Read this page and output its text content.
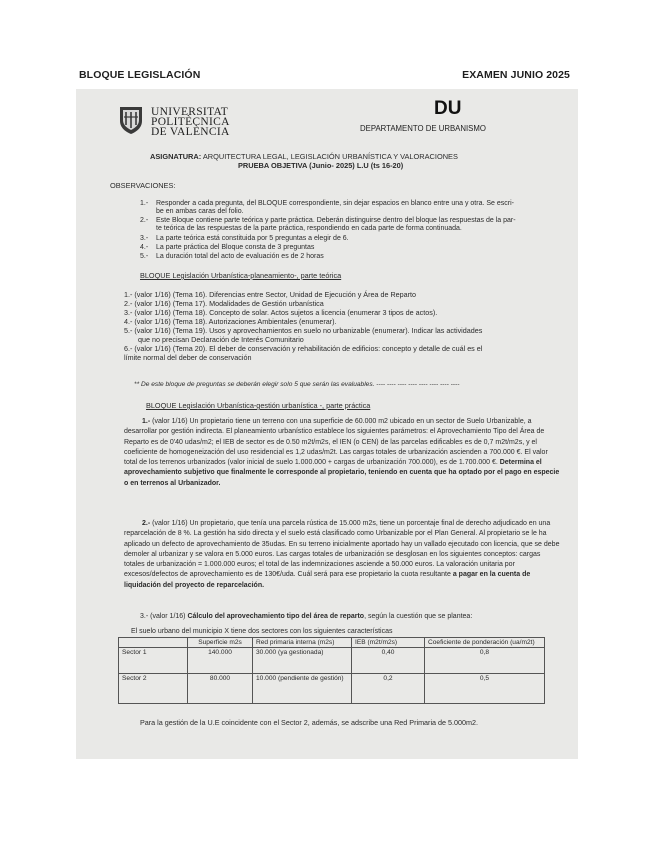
BLOQUE LEGISLACIÓN	EXAMEN JUNIO 2025
UNIVERSITAT
POLITÈCNICA
DE VALÈNCIA
DU
DEPARTAMENTO DE URBANISMO
ASIGNATURA: ARQUITECTURA LEGAL, LEGISLACIÓN URBANÍSTICA Y VALORACIONES
PRUEBA OBJETIVA (Junio- 2025) L.U (ts 16-20)
OBSERVACIONES:
1.- Responder a cada pregunta, del BLOQUE correspondiente, sin dejar espacios en blanco entre una y otra. Se escri-
be en ambas caras del folio.
2.- Este Bloque contiene parte teórica y parte práctica. Deberán distinguirse dentro del bloque las respuestas de la par-
te teórica de las respuestas de la parte práctica, respondiendo en cada parte de forma continuada.
3.- La parte teórica está constituida por 5 preguntas a elegir de 6.
4.- La parte práctica del Bloque consta de 3 preguntas
5.- La duración total del acto de evaluación es de 2 horas
BLOQUE Legislación Urbanística-planeamiento-, parte teórica
1.- (valor 1/16) (Tema 16). Diferencias entre Sector, Unidad de Ejecución y Área de Reparto
2.- (valor 1/16) (Tema 17). Modalidades de Gestión urbanística
3.- (valor 1/16) (Tema 18). Concepto de solar. Actos sujetos a licencia (enumerar 3 tipos de actos).
4.- (valor 1/16) (Tema 18). Autorizaciones Ambientales (enumerar).
5.- (valor 1/16) (Tema 19). Usos y aprovechamientos en suelo no urbanizable (enumerar). Indicar las actividades
que no precisan Declaración de Interés Comunitario
6.- (valor 1/16) (Tema 20). El deber de conservación y rehabilitación de edificios: concepto y detalle de cuál es el
límite normal del deber de conservación
** De este bloque de preguntas se deberán elegir solo 5 que serán las evaluables. ---- ---- ---- ---- ---- ---- ---- ----
BLOQUE Legislación Urbanística-gestión urbanística -, parte práctica
1.- (valor 1/16) Un propietario tiene un terreno con una superficie de 60.000 m2 ubicado en un sector de Suelo Urbanizable, a desarrollar por gestión indirecta. El planeamiento urbanístico establece los siguientes parámetros: el Aprovechamiento Tipo del Área de Reparto es de 0'40 udas/m2; el IEB de sector es de 0.50 m2t/m2s, el IEN (o CEN) de las parcelas edificables es de 0,7 m2t/m2s, y el coeficiente de homogeneización del uso residencial es 1,2 udas/m2t. Las cargas totales de urbanización ascienden a 700.000 €. El valor total de los terrenos urbanizados (valor inicial de suelo 1.000.000 + cargas de urbanización 700.000), es de 1.700.000 €. Determina el aprovechamiento subjetivo que finalmente le corresponde al propietario, teniendo en cuenta que ha optado por el pago en especie o en terrenos al Urbanizador.
2.- (valor 1/16) Un propietario, que tenía una parcela rústica de 15.000 m2s, tiene un porcentaje final de derecho adjudicado en una reparcelación de 8 %. La gestión ha sido directa y el suelo está clasificado como Urbanizable por el Plan General. Al propietario se le ha aplicado un defecto de aprovechamiento de 35udas. En su terreno inicialmente aportado hay un vallado ejecutado con licencia, que se debe demoler al urbanizar y se valora en 5.000 euros. Las cargas totales de urbanización se desglosan en los siguientes conceptos: cargas totales de urbanización = 1.000.000 euros; el total de las indemnizaciones asciende a 50.000 euros. La valoración unitaria por excesos/defectos de aprovechamiento es de 130€/uda. Cuál será para ese propietario la cuota resultante a pagar en la cuenta de liquidación del proyecto de reparcelación.
3.- (valor 1/16) Cálculo del aprovechamiento tipo del área de reparto, según la cuestión que se plantea:
El suelo urbano del municipio X tiene dos sectores con los siguientes características
	Superficie m2s	Red primaria interna (m2s)	IEB (m2t/m2s)	Coeficiente de ponderación (ua/m2t)
Sector 1	140.000	30.000 (ya gestionada)	0,40	0,8
Sector 2	80.000	10.000 (pendiente de gestión)	0,2	0,5
Para la gestión de la U.E coincidente con el Sector 2, además, se adscribe una Red Primaria de 5.000m2.
